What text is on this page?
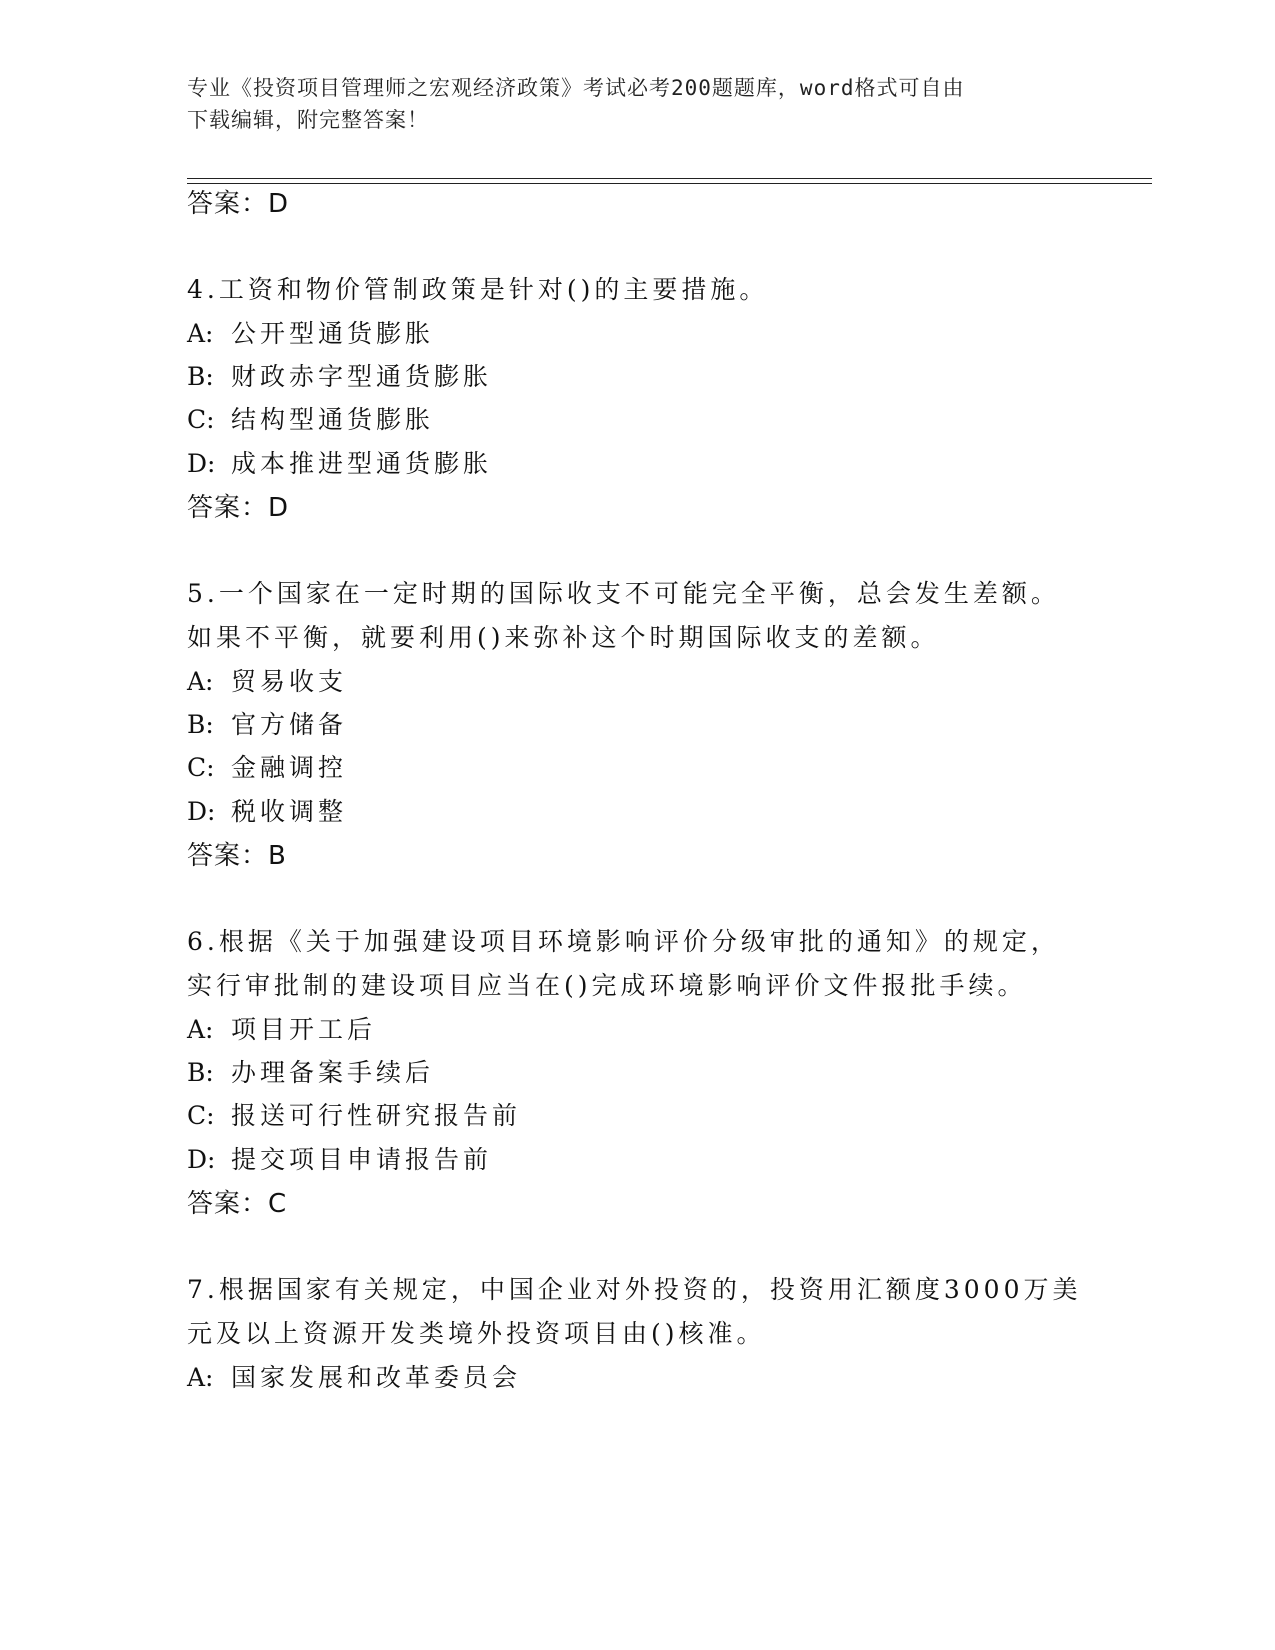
专业《投资项目管理师之宏观经济政策》考试必考200题题库，word格式可自由
下载编辑，附完整答案！
答案：D
4.工资和物价管制政策是针对()的主要措施。
A: 公开型通货膨胀
B: 财政赤字型通货膨胀
C: 结构型通货膨胀
D: 成本推进型通货膨胀
答案：D
5.一个国家在一定时期的国际收支不可能完全平衡，总会发生差额。
如果不平衡，就要利用()来弥补这个时期国际收支的差额。
A: 贸易收支
B: 官方储备
C: 金融调控
D: 税收调整
答案：B
6.根据《关于加强建设项目环境影响评价分级审批的通知》的规定，
实行审批制的建设项目应当在()完成环境影响评价文件报批手续。
A: 项目开工后
B: 办理备案手续后
C: 报送可行性研究报告前
D: 提交项目申请报告前
答案：C
7.根据国家有关规定，中国企业对外投资的，投资用汇额度3000万美
元及以上资源开发类境外投资项目由()核准。
A: 国家发展和改革委员会
